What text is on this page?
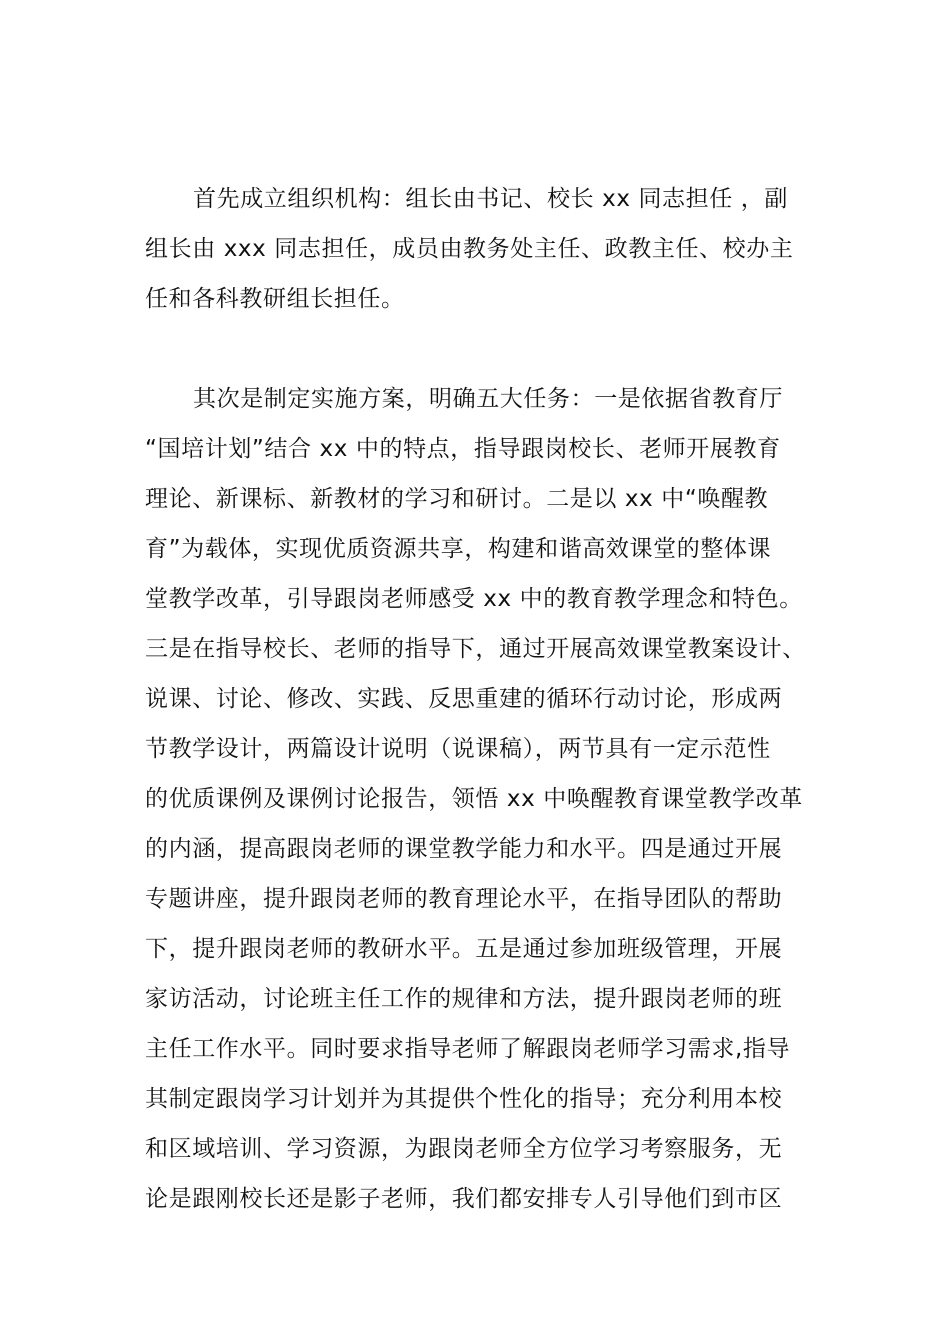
首先成立组织机构：组长由书记、校长 xx 同志担任 ，副
组长由 xxx 同志担任，成员由教务处主任、政教主任、校办主
任和各科教研组长担任。
其次是制定实施方案，明确五大任务：一是依据省教育厅
“国培计划”结合 xx 中的特点，指导跟岗校长、老师开展教育
理论、新课标、新教材的学习和研讨。二是以 xx 中“唤醒教
育”为载体，实现优质资源共享，构建和谐高效课堂的整体课
堂教学改革，引导跟岗老师感受 xx 中的教育教学理念和特色。
三是在指导校长、老师的指导下，通过开展高效课堂教案设计、
说课、讨论、修改、实践、反思重建的循环行动讨论，形成两
节教学设计，两篇设计说明（说课稿），两节具有一定示范性
的优质课例及课例讨论报告，领悟 xx 中唤醒教育课堂教学改革
的内涵，提高跟岗老师的课堂教学能力和水平。四是通过开展
专题讲座，提升跟岗老师的教育理论水平，在指导团队的帮助
下，提升跟岗老师的教研水平。五是通过参加班级管理，开展
家访活动，讨论班主任工作的规律和方法，提升跟岗老师的班
主任工作水平。同时要求指导老师了解跟岗老师学习需求,指导
其制定跟岗学习计划并为其提供个性化的指导；充分利用本校
和区域培训、学习资源，为跟岗老师全方位学习考察服务，无
论是跟刚校长还是影子老师，我们都安排专人引导他们到市区
